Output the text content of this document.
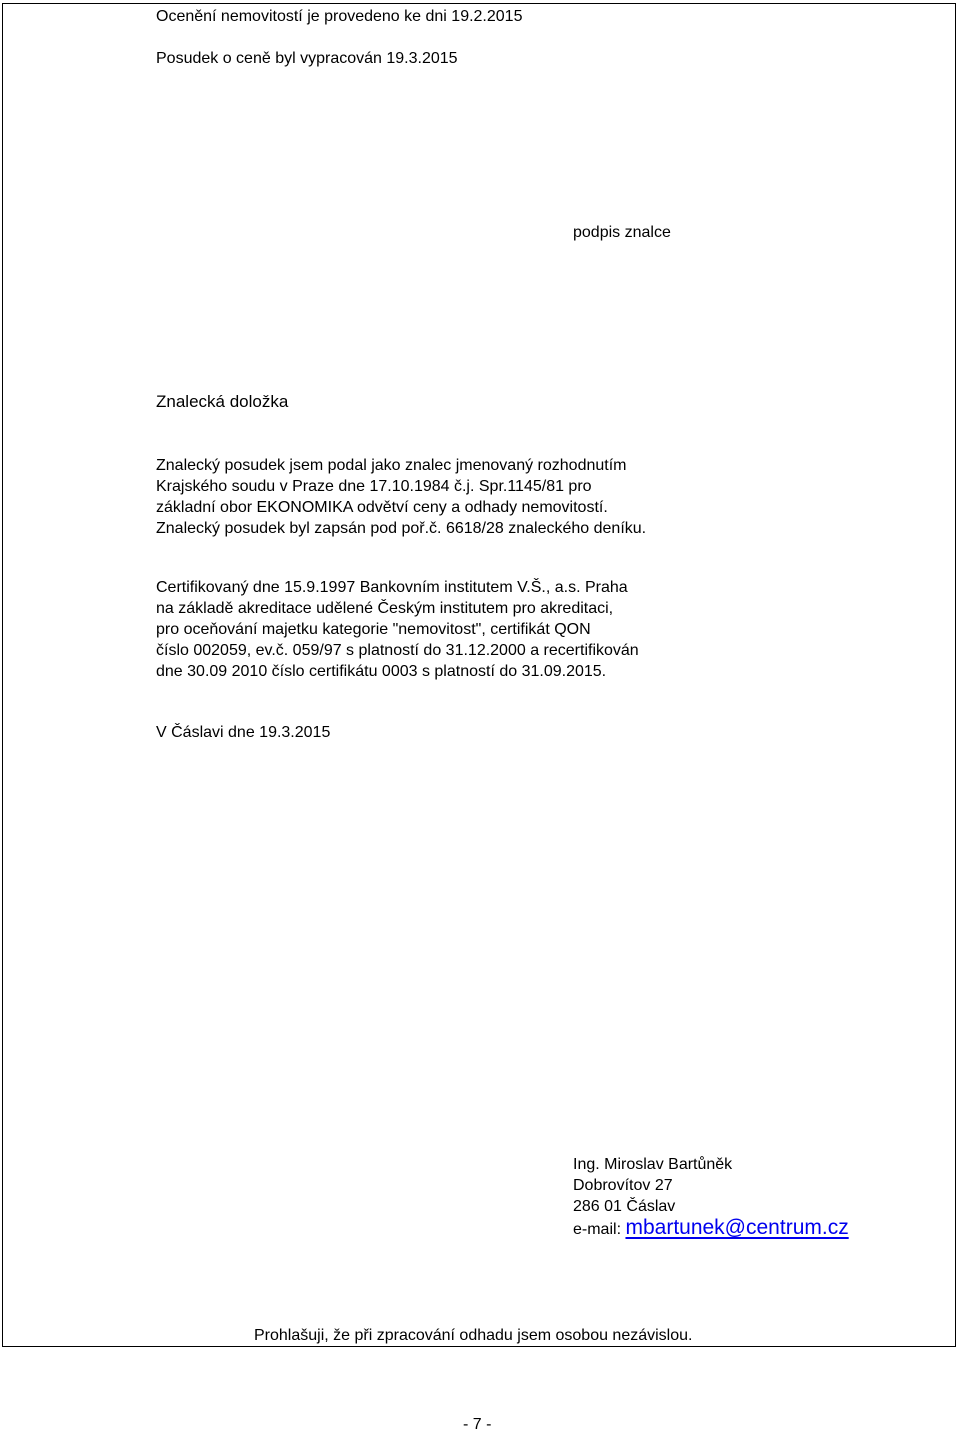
Ocenění nemovitostí je provedeno ke dni 19.2.2015
Posudek o ceně byl vypracován 19.3.2015
podpis znalce
Znalecká doložka
Znalecký posudek jsem podal jako znalec jmenovaný rozhodnutím
Krajského soudu v Praze dne 17.10.1984 č.j. Spr.1145/81 pro
základní obor EKONOMIKA odvětví ceny a odhady nemovitostí.
Znalecký posudek byl zapsán pod poř.č. 6618/28 znaleckého deníku.
Certifikovaný dne 15.9.1997 Bankovním institutem V.Š., a.s. Praha
na základě akreditace udělené Českým institutem pro akreditaci,
pro oceňování majetku kategorie "nemovitost", certifikát QON
číslo 002059, ev.č. 059/97 s platností do 31.12.2000 a recertifikován
dne 30.09 2010 číslo certifikátu 0003 s platností do 31.09.2015.
V Čáslavi dne 19.3.2015
Ing. Miroslav Bartůněk
Dobrovítov 27
286 01 Čáslav
e-mail: mbartunek@centrum.cz
Prohlašuji, že při zpracování odhadu jsem osobou nezávislou.
- 7 -
